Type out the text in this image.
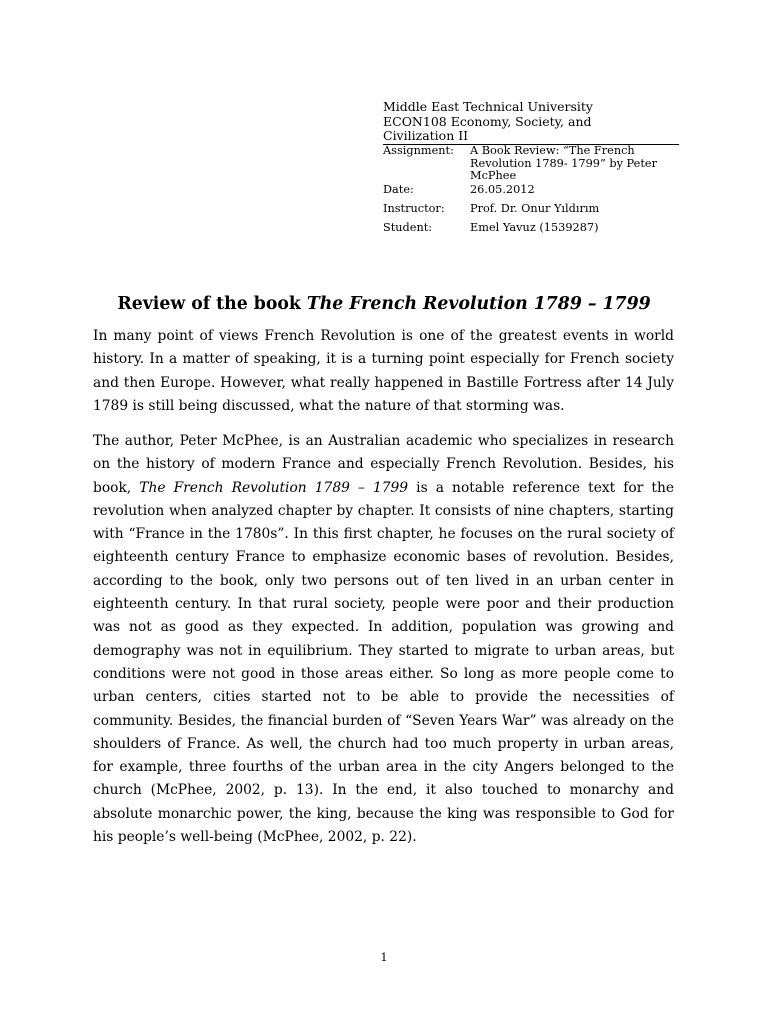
Middle East Technical University
ECON108 Economy, Society, and
Civilization II
Assignment:	A Book Review: “The French Revolution 1789- 1799” by Peter McPhee
Date:	26.05.2012
Instructor:	Prof. Dr. Onur Yıldırım
Student:	Emel Yavuz (1539287)
Review of the book The French Revolution 1789 – 1799

In many point of views French Revolution is one of the greatest events in world history. In a matter of speaking, it is a turning point especially for French society and then Europe. However, what really happened in Bastille Fortress after 14 July 1789 is still being discussed, what the nature of that storming was.

The author, Peter McPhee, is an Australian academic who specializes in research on the history of modern France and especially French Revolution. Besides, his book, The French Revolution 1789 – 1799 is a notable reference text for the revolution when analyzed chapter by chapter. It consists of nine chapters, starting with “France in the 1780s”. In this first chapter, he focuses on the rural society of eighteenth century France to emphasize economic bases of revolution. Besides, according to the book, only two persons out of ten lived in an urban center in eighteenth century. In that rural society, people were poor and their production was not as good as they expected. In addition, population was growing and demography was not in equilibrium. They started to migrate to urban areas, but conditions were not good in those areas either. So long as more people come to urban centers, cities started not to be able to provide the necessities of community. Besides, the financial burden of “Seven Years War” was already on the shoulders of France. As well, the church had too much property in urban areas, for example, three fourths of the urban area in the city Angers belonged to the church (McPhee, 2002, p. 13). In the end, it also touched to monarchy and absolute monarchic power, the king, because the king was responsible to God for his people’s well-being (McPhee, 2002, p. 22).

1
